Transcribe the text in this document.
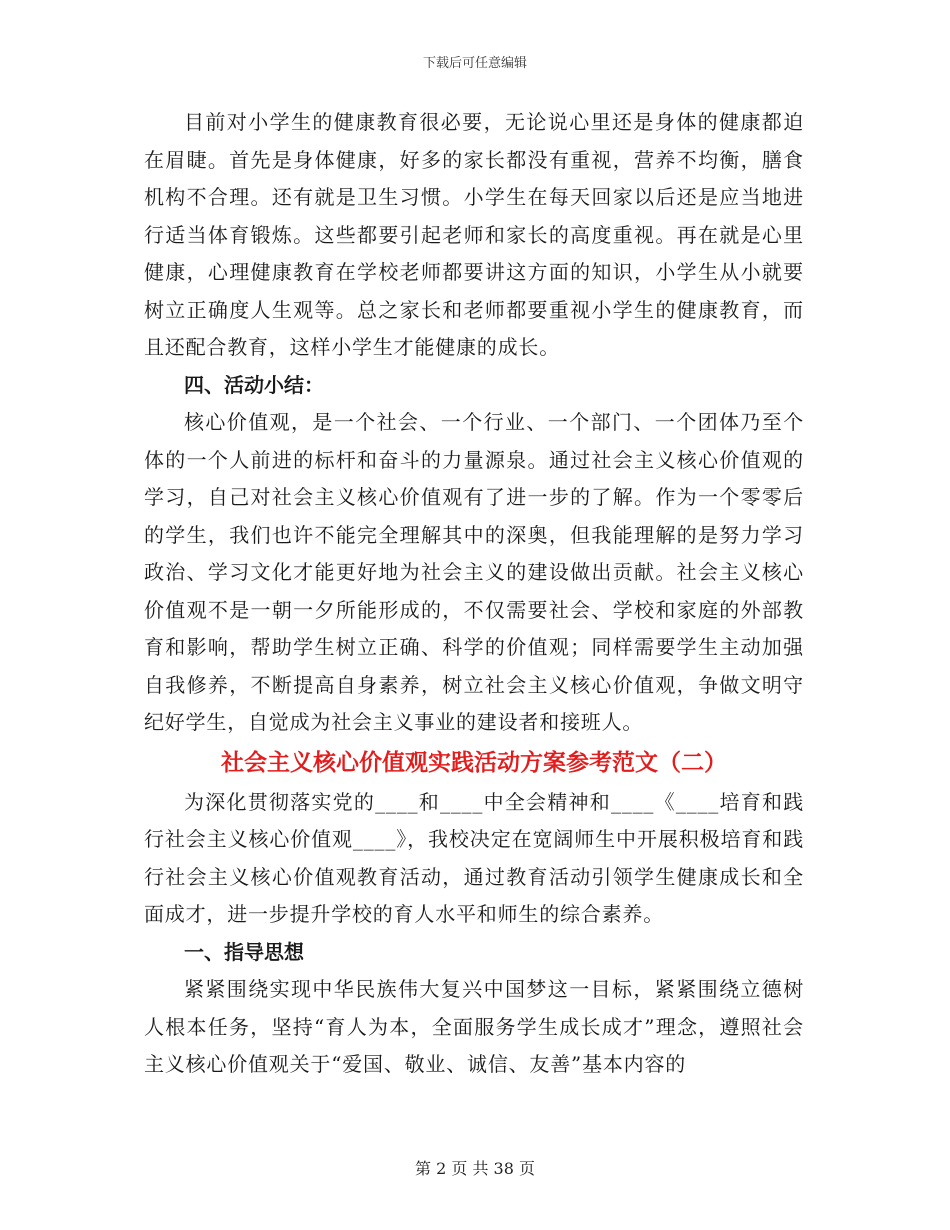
下载后可任意编辑

目前对小学生的健康教育很必要，无论说心里还是身体的健康都迫在眉睫。首先是身体健康，好多的家长都没有重视，营养不均衡，膳食机构不合理。还有就是卫生习惯。小学生在每天回家以后还是应当地进行适当体育锻炼。这些都要引起老师和家长的高度重视。再在就是心里健康，心理健康教育在学校老师都要讲这方面的知识，小学生从小就要树立正确度人生观等。总之家长和老师都要重视小学生的健康教育，而且还配合教育，这样小学生才能健康的成长。

四、活动小结：

核心价值观，是一个社会、一个行业、一个部门、一个团体乃至个体的一个人前进的标杆和奋斗的力量源泉。通过社会主义核心价值观的学习，自己对社会主义核心价值观有了进一步的了解。作为一个零零后的学生，我们也许不能完全理解其中的深奥，但我能理解的是努力学习政治、学习文化才能更好地为社会主义的建设做出贡献。社会主义核心价值观不是一朝一夕所能形成的，不仅需要社会、学校和家庭的外部教育和影响，帮助学生树立正确、科学的价值观；同样需要学生主动加强自我修养，不断提高自身素养，树立社会主义核心价值观，争做文明守纪好学生，自觉成为社会主义事业的建设者和接班人。

社会主义核心价值观实践活动方案参考范文（二）

为深化贯彻落实党的____和____中全会精神和____《____培育和践行社会主义核心价值观____》，我校决定在宽阔师生中开展积极培育和践行社会主义核心价值观教育活动，通过教育活动引领学生健康成长和全面成才，进一步提升学校的育人水平和师生的综合素养。

一、指导思想

紧紧围绕实现中华民族伟大复兴中国梦这一目标，紧紧围绕立德树人根本任务，坚持“育人为本，全面服务学生成长成才”理念，遵照社会主义核心价值观关于“爱国、敬业、诚信、友善”基本内容的

第 2 页 共 38 页
